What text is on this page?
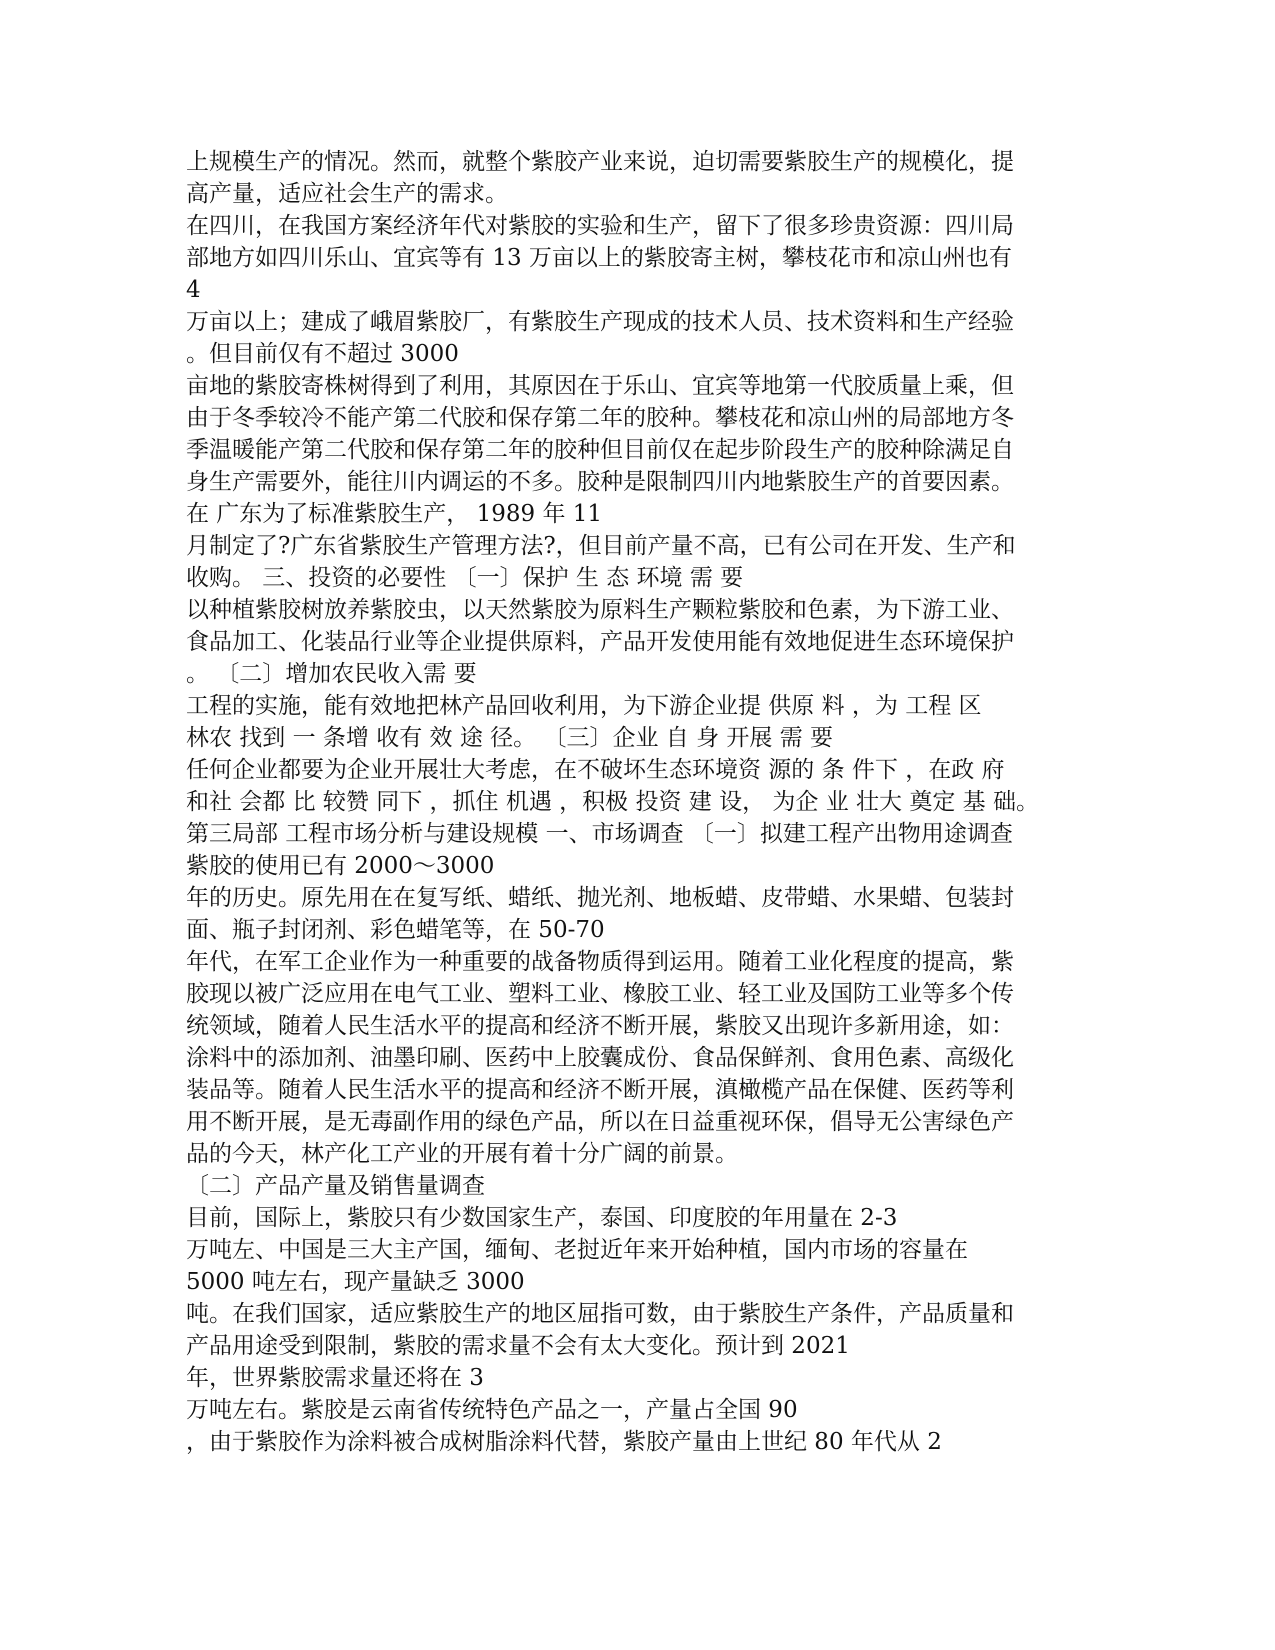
上规模生产的情况。然而，就整个紫胶产业来说，迫切需要紫胶生产的规模化，提
高产量，适应社会生产的需求。
在四川，在我国方案经济年代对紫胶的实验和生产，留下了很多珍贵资源：四川局
部地方如四川乐山、宜宾等有 13 万亩以上的紫胶寄主树，攀枝花市和凉山州也有
4
万亩以上；建成了峨眉紫胶厂，有紫胶生产现成的技术人员、技术资料和生产经验
。但目前仅有不超过 3000
亩地的紫胶寄株树得到了利用，其原因在于乐山、宜宾等地第一代胶质量上乘，但
由于冬季较冷不能产第二代胶和保存第二年的胶种。攀枝花和凉山州的局部地方冬
季温暖能产第二代胶和保存第二年的胶种但目前仅在起步阶段生产的胶种除满足自
身生产需要外，能往川内调运的不多。胶种是限制四川内地紫胶生产的首要因素。
在 广东为了标准紫胶生产， 1989 年 11
月制定了?广东省紫胶生产管理方法?，但目前产量不高，已有公司在开发、生产和
收购。 三、投资的必要性 〔一〕保护 生 态 环境 需 要
以种植紫胶树放养紫胶虫，以天然紫胶为原料生产颗粒紫胶和色素，为下游工业、
食品加工、化装品行业等企业提供原料，产品开发使用能有效地促进生态环境保护
。 〔二〕增加农民收入需 要
工程的实施，能有效地把林产品回收利用，为下游企业提 供原 料 ，为 工程 区
林农 找到 一 条增 收有 效 途 径。 〔三〕企业 自 身 开展 需 要
任何企业都要为企业开展壮大考虑，在不破坏生态环境资 源的 条 件下 ，在政 府
和社 会都 比 较赞 同下 ，抓住 机遇 ，积极 投资 建 设， 为企 业 壮大 奠定 基 础。
第三局部 工程市场分析与建设规模 一、市场调查 〔一〕拟建工程产出物用途调查
紫胶的使用已有 2000～3000
年的历史。原先用在在复写纸、蜡纸、抛光剂、地板蜡、皮带蜡、水果蜡、包装封
面、瓶子封闭剂、彩色蜡笔等，在 50-70
年代，在军工企业作为一种重要的战备物质得到运用。随着工业化程度的提高，紫
胶现以被广泛应用在电气工业、塑料工业、橡胶工业、轻工业及国防工业等多个传
统领域，随着人民生活水平的提高和经济不断开展，紫胶又出现许多新用途，如：
涂料中的添加剂、油墨印刷、医药中上胶囊成份、食品保鲜剂、食用色素、高级化
装品等。随着人民生活水平的提高和经济不断开展，滇橄榄产品在保健、医药等利
用不断开展，是无毒副作用的绿色产品，所以在日益重视环保，倡导无公害绿色产
品的今天，林产化工产业的开展有着十分广阔的前景。
〔二〕产品产量及销售量调查
目前，国际上，紫胶只有少数国家生产，泰国、印度胶的年用量在 2-3
万吨左、中国是三大主产国，缅甸、老挝近年来开始种植，国内市场的容量在
5000 吨左右，现产量缺乏 3000
吨。在我们国家，适应紫胶生产的地区屈指可数，由于紫胶生产条件，产品质量和
产品用途受到限制，紫胶的需求量不会有太大变化。预计到 2021
年，世界紫胶需求量还将在 3
万吨左右。紫胶是云南省传统特色产品之一，产量占全国 90
，由于紫胶作为涂料被合成树脂涂料代替，紫胶产量由上世纪 80 年代从 2
